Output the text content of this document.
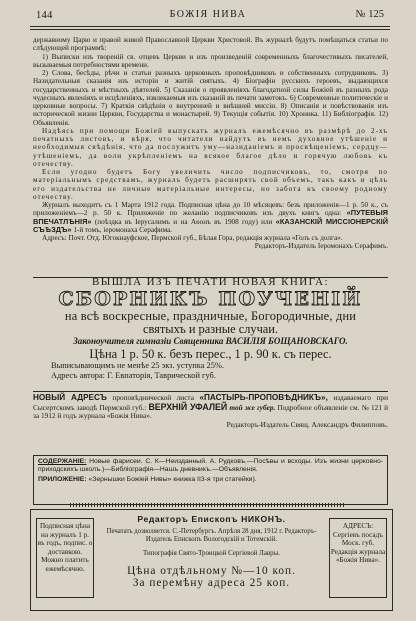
144	БОЖІЯ НИВА	№ 125

державному Царю и правой живой Православной Церкви Христовой. Въ журналѣ будутъ помѣщаться статьи по слѣдующей программѣ:

1) Выписки изъ твореній св. отцевъ Церкви и изъ произведеній современныхъ благочестивыхъ писателей, вызываемыя потребностями времени.

2) Слова, бесѣды, рѣчи и статьи разныхъ церковныхъ проповѣдниковъ и собственныхъ сотрудниковъ. 3) Назидательныя сказанія изъ исторіи и житій святыхъ. 4) Біографіи русскихъ героевъ, выдающихся государственныхъ и мѣстныхъ дѣятелей. 5) Сказанія о проявленіяхъ благодатной силы Божіей въ разныхъ рода чудесныхъ явленіяхъ и исцѣленіяхъ, извлекаемыя изъ сказаній въ печати заметокъ. 6) Современные политическіе и церковные вопросы. 7) Краткія свѣдѣнія о внутренней и внѣшней миссіи. 8) Описанія и повѣствованія изъ исторической жизни Церкви, Государства и монастырей. 9) Текущія событія. 10) Хроника. 11) Библіографія. 12) Объявленія.

Надѣясь при помощи Божіей выпускать журналъ ежемѣсячно въ размѣрѣ до 2-хъ печатныхъ листовъ, и вѣря, что читатели найдутъ въ немъ духовное утѣшеніе и необходимыя свѣдѣнія, что да послужитъ уму—назиданіемъ и просвѣщеніемъ, сердцу—утѣшеніемъ, да воли укрѣпленіемъ на всякое благое дѣло и горячую любовь къ отечеству.

Если угодно будетъ Богу увеличить число подписчиковъ, то, смотря по матеріальнымъ средствамъ, журналъ будетъ расширять свой объемъ, такъ какъ и цѣль его издательства не личные матеріальные интересы, но забота къ своему родному отечеству.

Журналъ выходитъ съ 1 Марта 1912 года. Подписная цѣна до 10 мѣсяцевъ: безъ приложенія—1 р. 50 к., съ приложеніемъ—2 р. 50 к. Приложеніе по желанію подписчиковъ изъ двухъ книгъ одна: «ПУТЕВЫЯ ВПЕЧАТЛѢНІЯ» (поѣздка въ Іерусалимъ и на Аѳонъ въ 1908 году) или «КАЗАНСКІЙ МИССІОНЕРСКІЙ СЪѢЗДЪ» 1-й томъ, іеромонаха Серафима.

Адресъ: Почт. Отд. Югокнауфское, Пермской губ., Бѣлая Гора, редакція журнала «Голъ съ долга».

Редакторъ-Издатель Іеромонахъ Серафимъ.

ВЫШЛА ИЗЪ ПЕЧАТИ НОВАЯ КНИГА:
СБОРНИКЪ ПОУЧЕНІЙ
на всѣ воскресные, праздничные, Богородичные, дни
святыхъ и разные случаи.
Законоучителя гимназіи Священника ВАСИЛІЯ БОЩАНОВСКАГО.
Цѣна 1 р. 50 к. безъ перес., 1 р. 90 к. съ перес.
Выписывающимъ не менѣе 25 экз. уступка 25%.
Адресъ автора: Г. Евпаторія, Таврической губ.
НОВЫЙ АДРЕСЪ проповѣднической листа «ПАСТЫРЬ-ПРОПОВѢДНИКЪ», издаваемаго при Сысертскомъ заводѣ Пермской губ.: ВЕРХНІЙ УФАЛЕЙ той же губер. Подробное объявленіе см. № 121 й за 1912 й годъ журнала «Божія Нива».
Редакторъ-Издатель Свящ. Александръ Филипповъ.
СОДЕРЖАНІЕ: Новые фарисеи. С. К—Неизданный. А. Рудковъ.—Посѣвы и всходы. Изъ жизни церковно-приходскихъ школъ.)—Библіографія—Нашъ дневникъ.—Объявленія.
ПРИЛОЖЕНІЕ: «Зернышки Божіей Нивы» книжка ІІ3-я три статейки).
Подписная цѣна на журналъ 1 р. въ годъ, подпис. о доставкою. Можно платить ежемѣсячно.
Редакторъ Епископъ НИКОНЪ.
Печатать дозволяется. С.-Петербургъ. Апрѣля 28 дня, 1912 г. Редакторъ-Издатель Епископъ Вологодскій и Тотемскій.
Типографія Свято-Троицкой Сергіевой Лавры.
Цѣна отдѣльному №—10 коп.
За перемѣну адреса 25 коп.
АДРЕСЪ: Сергіевъ посадъ Моск. губ. Редакція журнала «Божія Нива».
